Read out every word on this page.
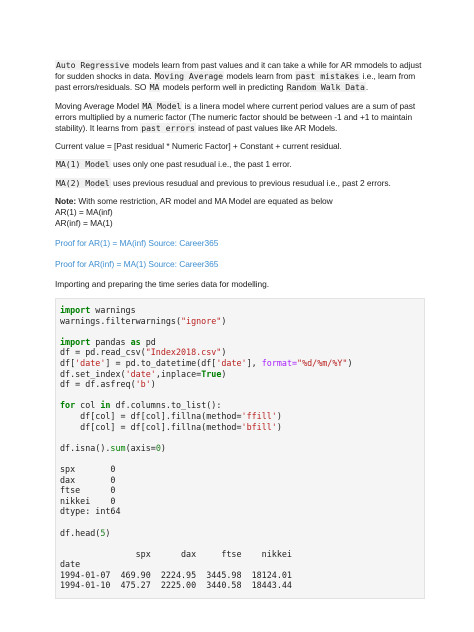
Auto Regressive models learn from past values and it can take a while for AR mmodels to adjust for sudden shocks in data. Moving Average models learn from past mistakes i.e., learn from past errors/residuals. SO MA models perform well in predicting Random Walk Data.

Moving Average Model MA Model is a linera model where current period values are a sum of past errors multiplied by a numeric factor (The numeric factor should be between -1 and +1 to maintain stability). It learns from past errors instead of past values like AR Models.

Current value = [Past residual * Numeric Factor] + Constant + current residual.

MA(1) Model uses only one past resudual i.e., the past 1 error.

MA(2) Model uses previous resudual and previous to previous resudual i.e., past 2 errors.

Note: With some restriction, AR model and MA Model are equated as below

AR(1) = MA(inf)

AR(inf) = MA(1)

Proof for AR(1) = MA(inf) Source: Career365

Proof for AR(inf) = MA(1) Source: Career365

Importing and preparing the time series data for modelling.

import warnings
warnings.filterwarnings("ignore")
import pandas as pd
df = pd.read_csv("Index2018.csv")
df['date'] = pd.to_datetime(df['date'], format="%d/%m/%Y")
df.set_index('date',inplace=True)
df = df.asfreq('b')
for col in df.columns.to_list():
df[col] = df[col].fillna(method='ffill')
df[col] = df[col].fillna(method='bfill')
df.isna().sum(axis=0)
spx       0
dax       0
ftse      0
nikkei    0
dtype: int64
df.head(5)
spx      dax     ftse    nikkei
date
1994-01-07  469.90  2224.95  3445.98  18124.01
1994-01-10  475.27  2225.00  3440.58  18443.44
